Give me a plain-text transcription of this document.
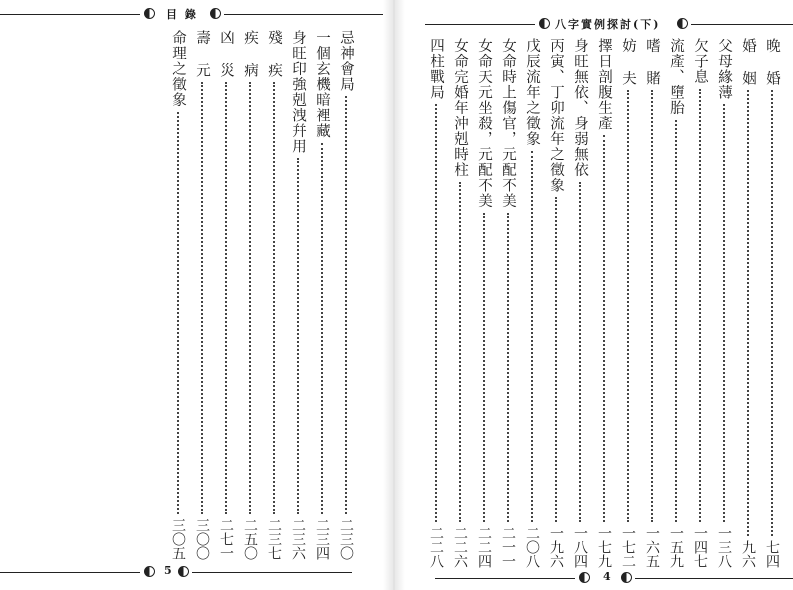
目 錄
忌神會局
二三〇
一個玄機暗裡藏
二三四
身旺印強剋洩幷用
二三六
殘 疾
二三七
疾 病
二五〇
凶 災
二七一
壽 元
三〇〇
命理之徵象
三〇五
5
八字實例探討(下)
晚 婚
七四
婚 姻
九六
父母緣薄
一三八
欠子息
一四七
流產、墮胎
一五九
嗜 賭
一六五
妨 夫
一七二
擇日剖腹生產
一七九
身旺無依、身弱無依
一八四
丙寅、丁卯流年之徵象
一九六
戊辰流年之徵象
二〇八
女命時上傷官，元配不美
二一一
女命天元坐殺，元配不美
二二四
女命完婚年沖剋時柱
二二六
四柱戰局
二二八
4
